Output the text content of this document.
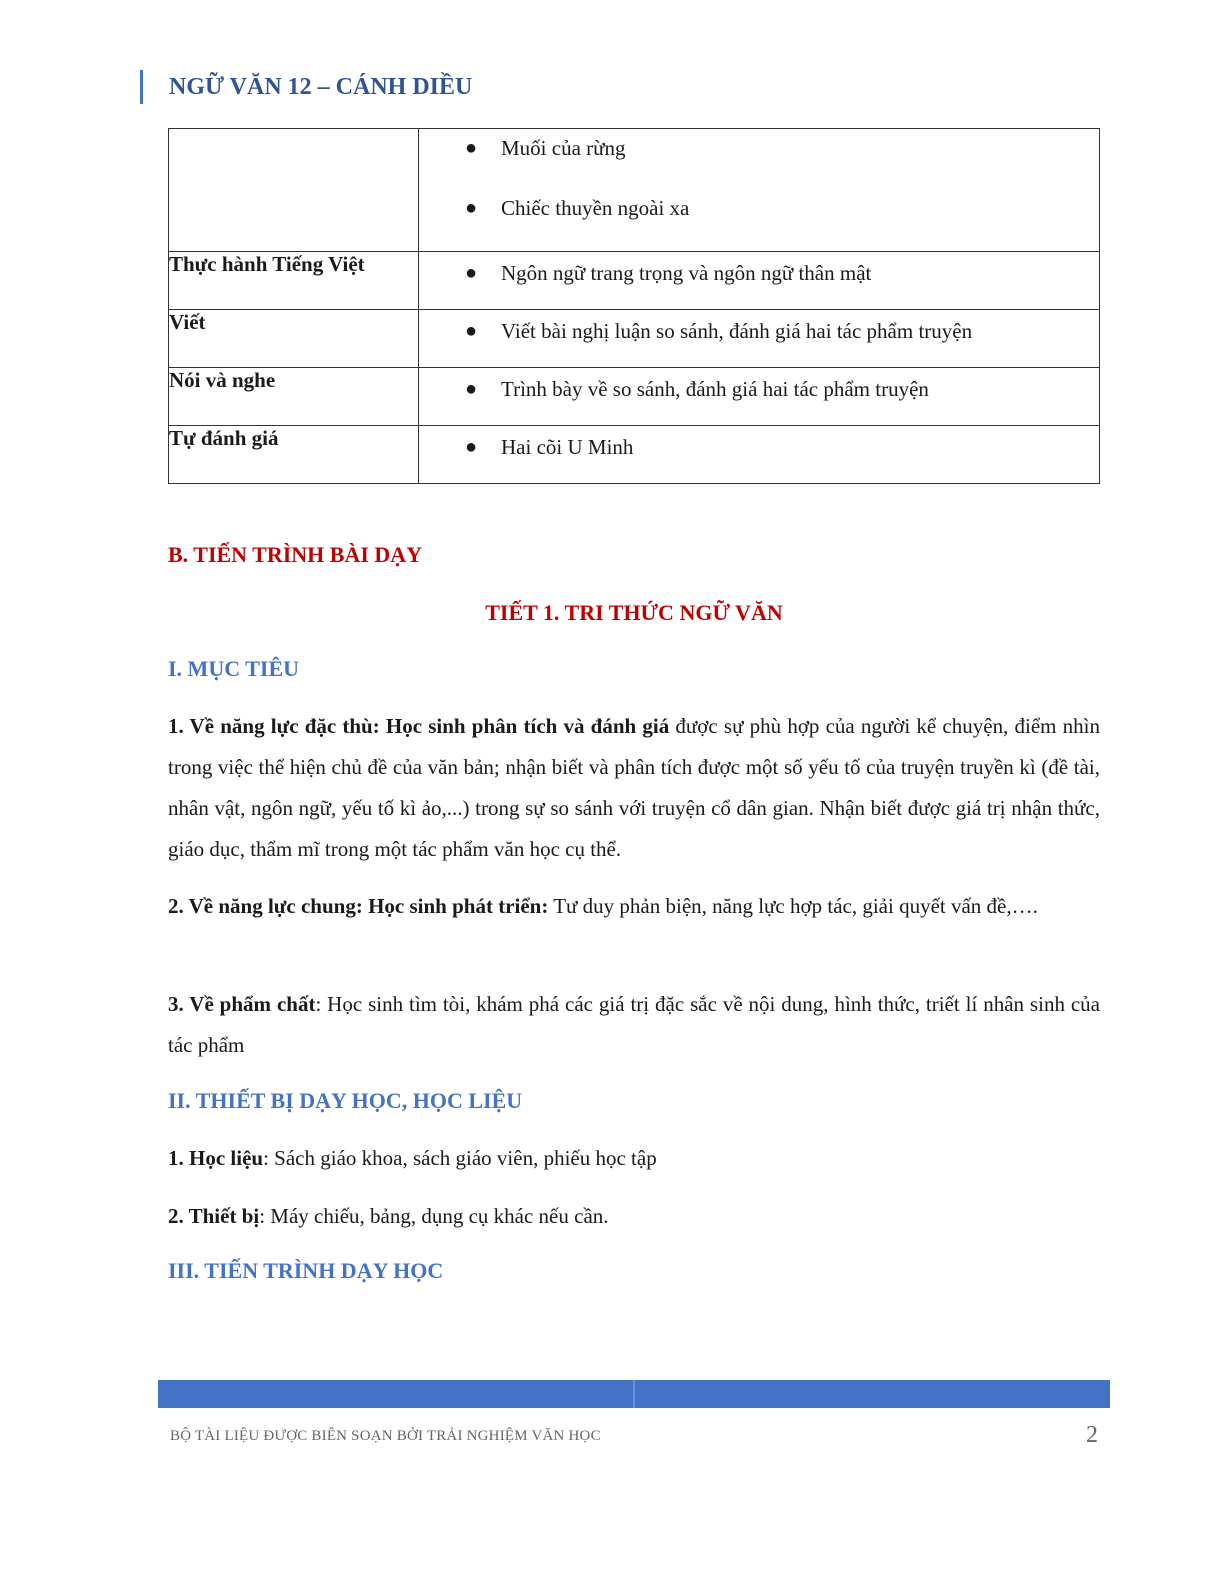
NGỮ VĂN 12 – CÁNH DIỀU

	● Muối của rừng
● Chiếc thuyền ngoài xa

Thực hành Tiếng Việt	● Ngôn ngữ trang trọng và ngôn ngữ thân mật

Viết	● Viết bài nghị luận so sánh, đánh giá hai tác phẩm truyện

Nói và nghe	● Trình bày về so sánh, đánh giá hai tác phẩm truyện

Tự đánh giá	● Hai cõi U Minh
B. TIẾN TRÌNH BÀI DẠY
TIẾT 1. TRI THỨC NGỮ VĂN
I. MỤC TIÊU
1. Về năng lực đặc thù: Học sinh phân tích và đánh giá được sự phù hợp của người kể chuyện, điểm nhìn trong việc thể hiện chủ đề của văn bản; nhận biết và phân tích được một số yếu tố của truyện truyền kì (đề tài, nhân vật, ngôn ngữ, yếu tố kì ảo,...) trong sự so sánh với truyện cổ dân gian. Nhận biết được giá trị nhận thức, giáo dục, thẩm mĩ trong một tác phẩm văn học cụ thể.
2. Về năng lực chung: Học sinh phát triển: Tư duy phản biện, năng lực hợp tác, giải quyết vấn đề,….
3. Về phẩm chất: Học sinh tìm tòi, khám phá các giá trị đặc sắc về nội dung, hình thức, triết lí nhân sinh của tác phẩm
II. THIẾT BỊ DẠY HỌC, HỌC LIỆU
1. Học liệu: Sách giáo khoa, sách giáo viên, phiếu học tập
2. Thiết bị: Máy chiếu, bảng, dụng cụ khác nếu cần.
III. TIẾN TRÌNH DẠY HỌC
BỘ TÀI LIỆU ĐƯỢC BIÊN SOẠN BỞI TRẢI NGHIỆM VĂN HỌC	2
